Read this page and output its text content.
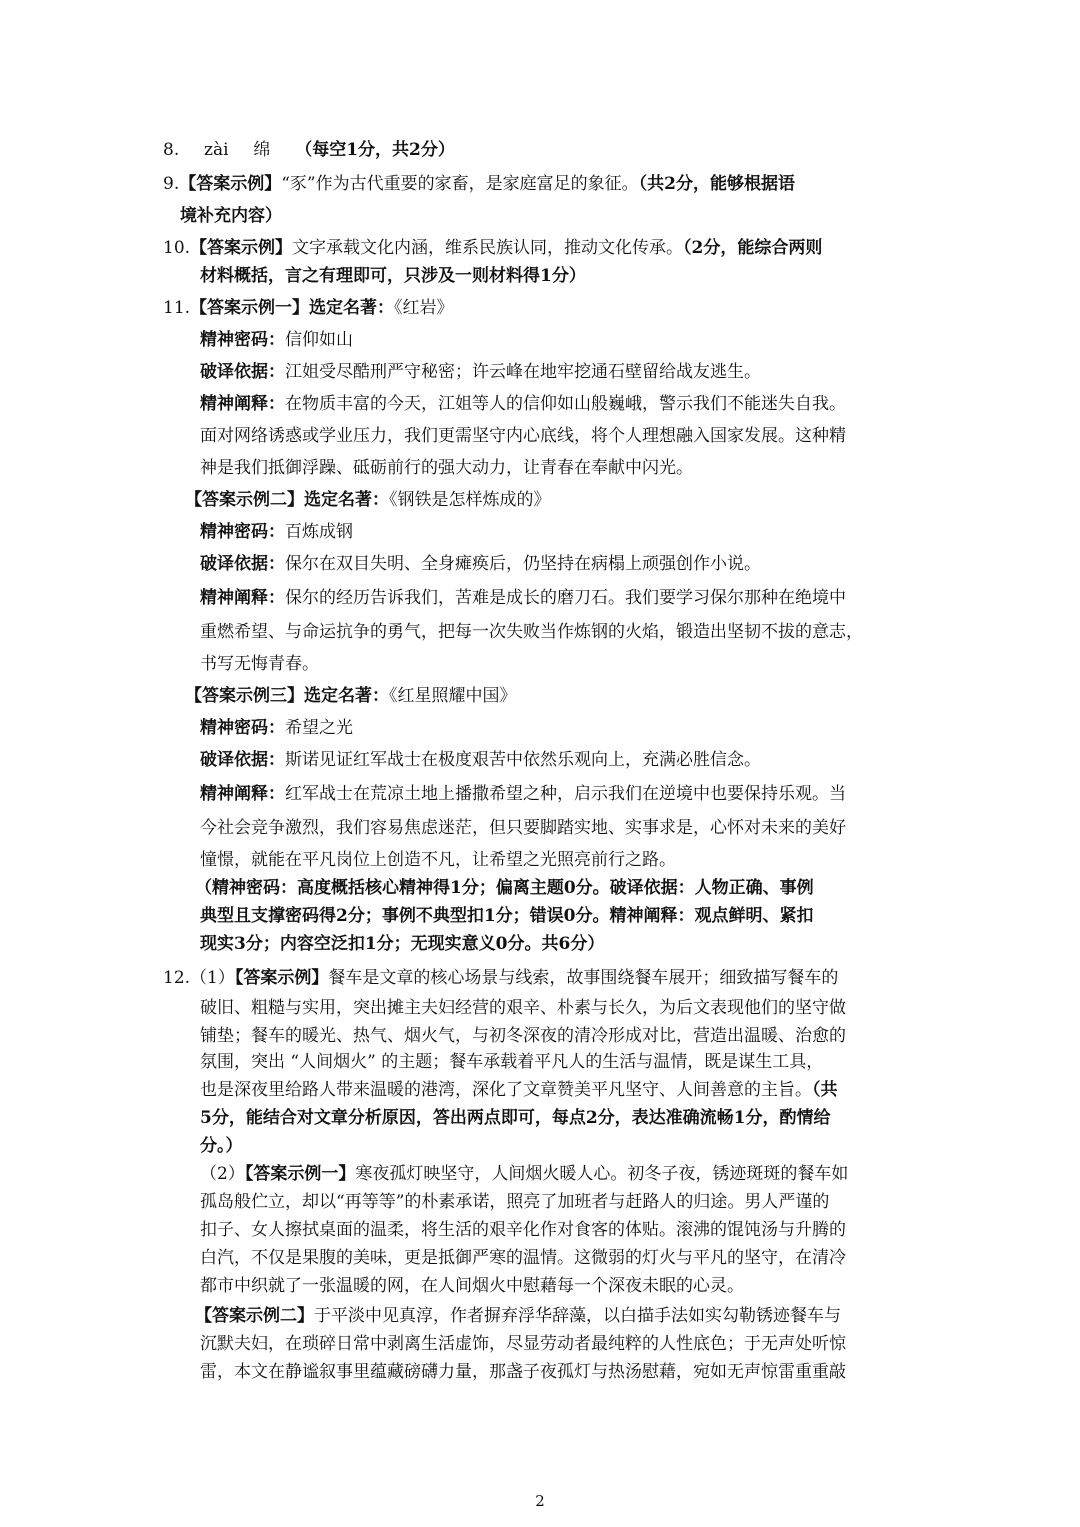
8. zài 绵 （每空1分，共2分）
9.【答案示例】“豕”作为古代重要的家畜，是家庭富足的象征。（共2分，能够根据语
境补充内容）
10.【答案示例】文字承载文化内涵，维系民族认同，推动文化传承。（2分，能综合两则
材料概括，言之有理即可，只涉及一则材料得1分）
11.【答案示例一】选定名著：《红岩》
精神密码：信仰如山
破译依据：江姐受尽酷刑严守秘密；许云峰在地牢挖通石壁留给战友逃生。
精神阐释：在物质丰富的今天，江姐等人的信仰如山般巍峨，警示我们不能迷失自我。
面对网络诱惑或学业压力，我们更需坚守内心底线，将个人理想融入国家发展。这种精
神是我们抵御浮躁、砥砺前行的强大动力，让青春在奉献中闪光。
【答案示例二】选定名著：《钢铁是怎样炼成的》
精神密码：百炼成钢
破译依据：保尔在双目失明、全身瘫痪后，仍坚持在病榻上顽强创作小说。
精神阐释：保尔的经历告诉我们，苦难是成长的磨刀石。我们要学习保尔那种在绝境中
重燃希望、与命运抗争的勇气，把每一次失败当作炼钢的火焰，锻造出坚韧不拔的意志，
书写无悔青春。
【答案示例三】选定名著：《红星照耀中国》
精神密码：希望之光
破译依据：斯诺见证红军战士在极度艰苦中依然乐观向上，充满必胜信念。
精神阐释：红军战士在荒凉土地上播撒希望之种，启示我们在逆境中也要保持乐观。当
今社会竞争激烈，我们容易焦虑迷茫，但只要脚踏实地、实事求是，心怀对未来的美好
憧憬，就能在平凡岗位上创造不凡，让希望之光照亮前行之路。
（精神密码：高度概括核心精神得1分；偏离主题0分。破译依据：人物正确、事例
典型且支撑密码得2分；事例不典型扣1分；错误0分。精神阐释：观点鲜明、紧扣
现实3分；内容空泛扣1分；无现实意义0分。共6分）
12.（1）【答案示例】餐车是文章的核心场景与线索，故事围绕餐车展开；细致描写餐车的
破旧、粗糙与实用，突出摊主夫妇经营的艰辛、朴素与长久，为后文表现他们的坚守做
铺垫；餐车的暖光、热气、烟火气，与初冬深夜的清冷形成对比，营造出温暖、治愈的
氛围，突出 “人间烟火” 的主题；餐车承载着平凡人的生活与温情，既是谋生工具，
也是深夜里给路人带来温暖的港湾，深化了文章赞美平凡坚守、人间善意的主旨。（共
5分，能结合对文章分析原因，答出两点即可，每点2分，表达准确流畅1分，酌情给
分。）
（2）【答案示例一】寒夜孤灯映坚守，人间烟火暖人心。初冬子夜，锈迹斑斑的餐车如
孤岛般伫立，却以“再等等”的朴素承诺，照亮了加班者与赶路人的归途。男人严谨的
扣子、女人擦拭桌面的温柔，将生活的艰辛化作对食客的体贴。滚沸的馄饨汤与升腾的
白汽，不仅是果腹的美味，更是抵御严寒的温情。这微弱的灯火与平凡的坚守，在清冷
都市中织就了一张温暖的网，在人间烟火中慰藉每一个深夜未眠的心灵。
【答案示例二】于平淡中见真淳，作者摒弃浮华辞藻，以白描手法如实勾勒锈迹餐车与
沉默夫妇，在琐碎日常中剥离生活虚饰，尽显劳动者最纯粹的人性底色；于无声处听惊
雷，本文在静谧叙事里蕴藏磅礴力量，那盏子夜孤灯与热汤慰藉，宛如无声惊雷重重敲
2
